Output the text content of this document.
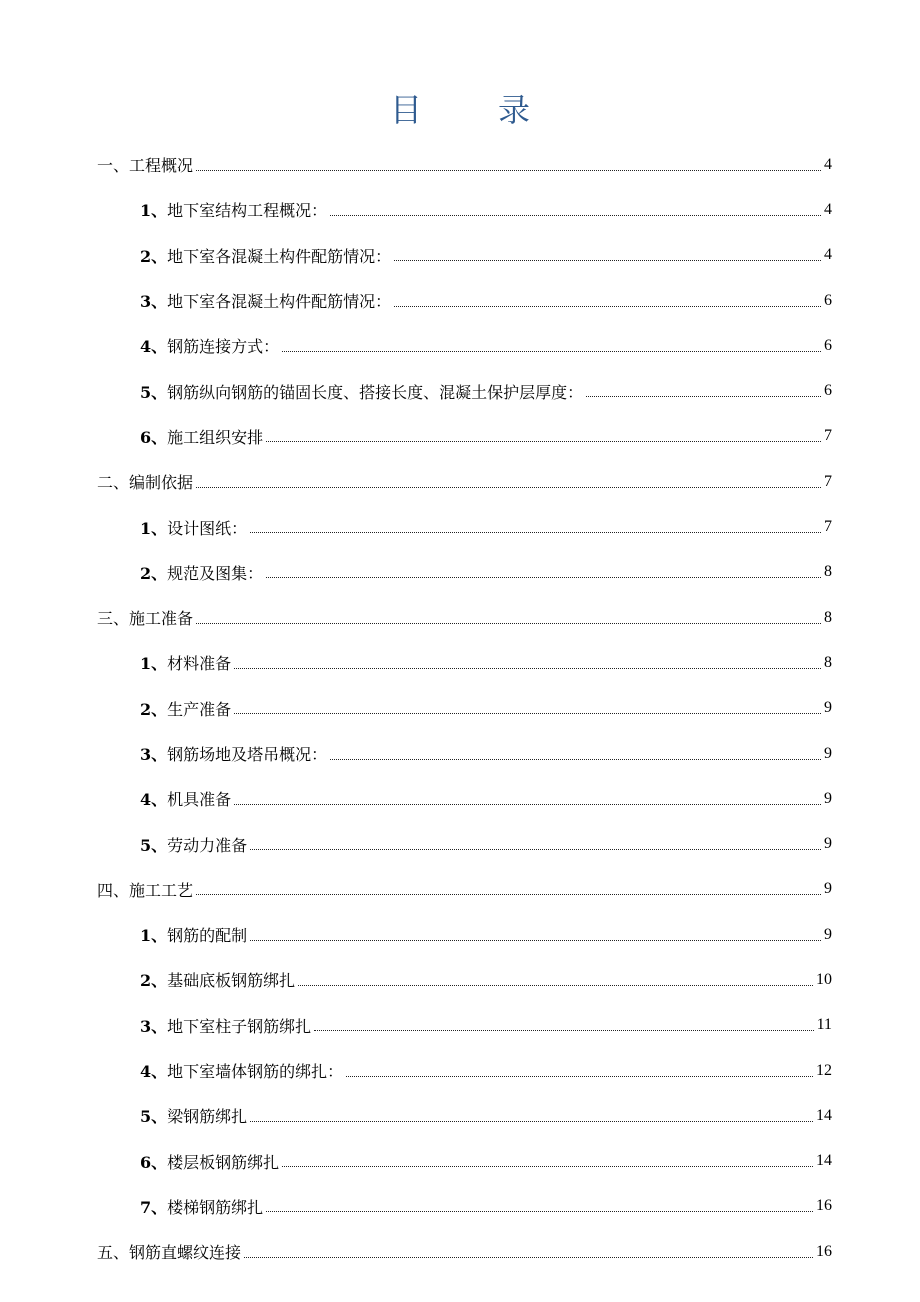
目　录
一、 工程概况	4
1、 地下室结构工程概况：	4
2、 地下室各混凝土构件配筋情况：	4
3、 地下室各混凝土构件配筋情况：	6
4、 钢筋连接方式：	6
5、 钢筋纵向钢筋的锚固长度、搭接长度、混凝土保护层厚度：	6
6、 施工组织安排	7
二、 编制依据	7
1、 设计图纸：	7
2、 规范及图集：	8
三、 施工准备	8
1、 材料准备	8
2、 生产准备	9
3、 钢筋场地及塔吊概况：	9
4、 机具准备	9
5、 劳动力准备	9
四、 施工工艺	9
1、 钢筋的配制	9
2、 基础底板钢筋绑扎	10
3、 地下室柱子钢筋绑扎	11
4、 地下室墙体钢筋的绑扎：	12
5、 梁钢筋绑扎	14
6、 楼层板钢筋绑扎	14
7、 楼梯钢筋绑扎	16
五、 钢筋直螺纹连接	16
